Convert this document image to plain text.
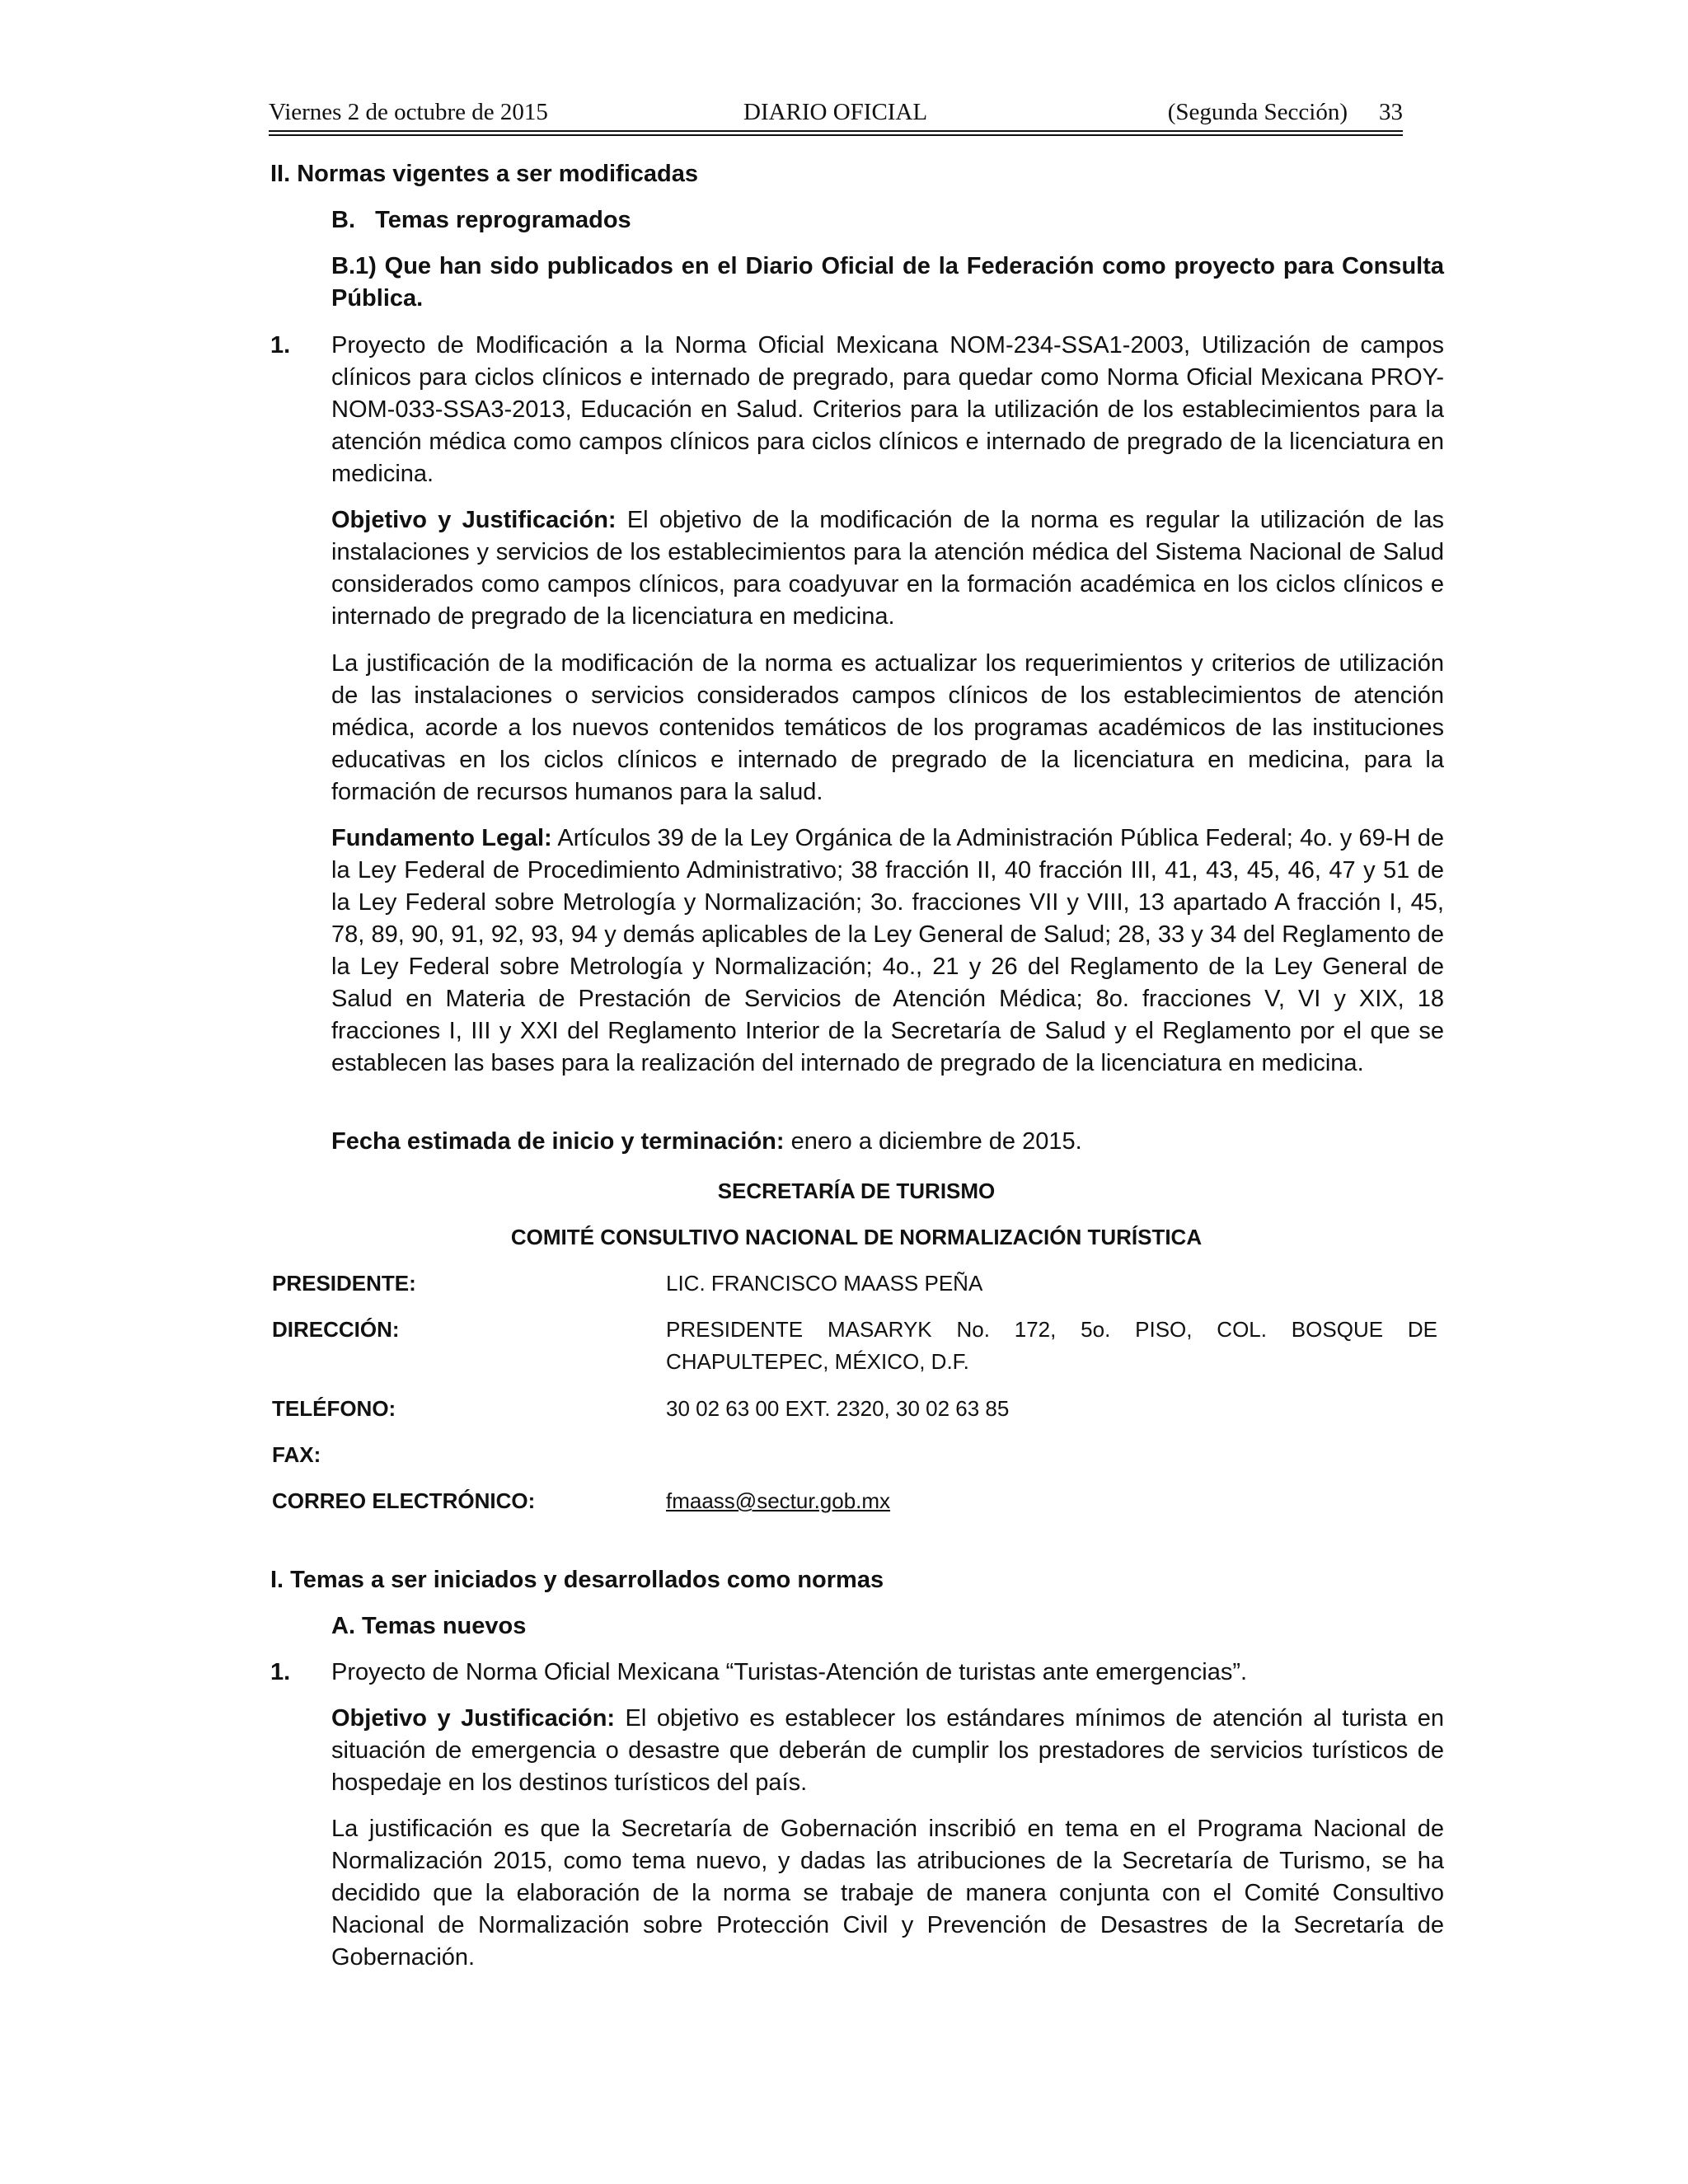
Viernes 2 de octubre de 2015	DIARIO OFICIAL	(Segunda Sección) 33
II. Normas vigentes a ser modificadas
B.   Temas reprogramados
B.1) Que han sido publicados en el Diario Oficial de la Federación como proyecto para Consulta Pública.
1. Proyecto de Modificación a la Norma Oficial Mexicana NOM-234-SSA1-2003, Utilización de campos clínicos para ciclos clínicos e internado de pregrado, para quedar como Norma Oficial Mexicana PROY-NOM-033-SSA3-2013, Educación en Salud. Criterios para la utilización de los establecimientos para la atención médica como campos clínicos para ciclos clínicos e internado de pregrado de la licenciatura en medicina.
Objetivo y Justificación: El objetivo de la modificación de la norma es regular la utilización de las instalaciones y servicios de los establecimientos para la atención médica del Sistema Nacional de Salud considerados como campos clínicos, para coadyuvar en la formación académica en los ciclos clínicos e internado de pregrado de la licenciatura en medicina.
La justificación de la modificación de la norma es actualizar los requerimientos y criterios de utilización de las instalaciones o servicios considerados campos clínicos de los establecimientos de atención médica, acorde a los nuevos contenidos temáticos de los programas académicos de las instituciones educativas en los ciclos clínicos e internado de pregrado de la licenciatura en medicina, para la formación de recursos humanos para la salud.
Fundamento Legal: Artículos 39 de la Ley Orgánica de la Administración Pública Federal; 4o. y 69-H de la Ley Federal de Procedimiento Administrativo; 38 fracción II, 40 fracción III, 41, 43, 45, 46, 47 y 51 de la Ley Federal sobre Metrología y Normalización; 3o. fracciones VII y VIII, 13 apartado A fracción I, 45, 78, 89, 90, 91, 92, 93, 94 y demás aplicables de la Ley General de Salud; 28, 33 y 34 del Reglamento de la Ley Federal sobre Metrología y Normalización; 4o., 21 y 26 del Reglamento de la Ley General de Salud en Materia de Prestación de Servicios de Atención Médica; 8o. fracciones V, VI y XIX, 18 fracciones I, III y XXI del Reglamento Interior de la Secretaría de Salud y el Reglamento por el que se establecen las bases para la realización del internado de pregrado de la licenciatura en medicina.
Fecha estimada de inicio y terminación: enero a diciembre de 2015.
SECRETARÍA DE TURISMO
COMITÉ CONSULTIVO NACIONAL DE NORMALIZACIÓN TURÍSTICA
PRESIDENTE:	LIC. FRANCISCO MAASS PEÑA
DIRECCIÓN:	PRESIDENTE MASARYK No. 172, 5o. PISO, COL. BOSQUE DE
CHAPULTEPEC, MÉXICO, D.F.
TELÉFONO:	30 02 63 00 EXT. 2320, 30 02 63 85
FAX:
CORREO ELECTRÓNICO:	fmaass@sectur.gob.mx
I. Temas a ser iniciados y desarrollados como normas
A. Temas nuevos
1. Proyecto de Norma Oficial Mexicana “Turistas-Atención de turistas ante emergencias”.
Objetivo y Justificación: El objetivo es establecer los estándares mínimos de atención al turista en situación de emergencia o desastre que deberán de cumplir los prestadores de servicios turísticos de hospedaje en los destinos turísticos del país.
La justificación es que la Secretaría de Gobernación inscribió en tema en el Programa Nacional de Normalización 2015, como tema nuevo, y dadas las atribuciones de la Secretaría de Turismo, se ha decidido que la elaboración de la norma se trabaje de manera conjunta con el Comité Consultivo Nacional de Normalización sobre Protección Civil y Prevención de Desastres de la Secretaría de Gobernación.
